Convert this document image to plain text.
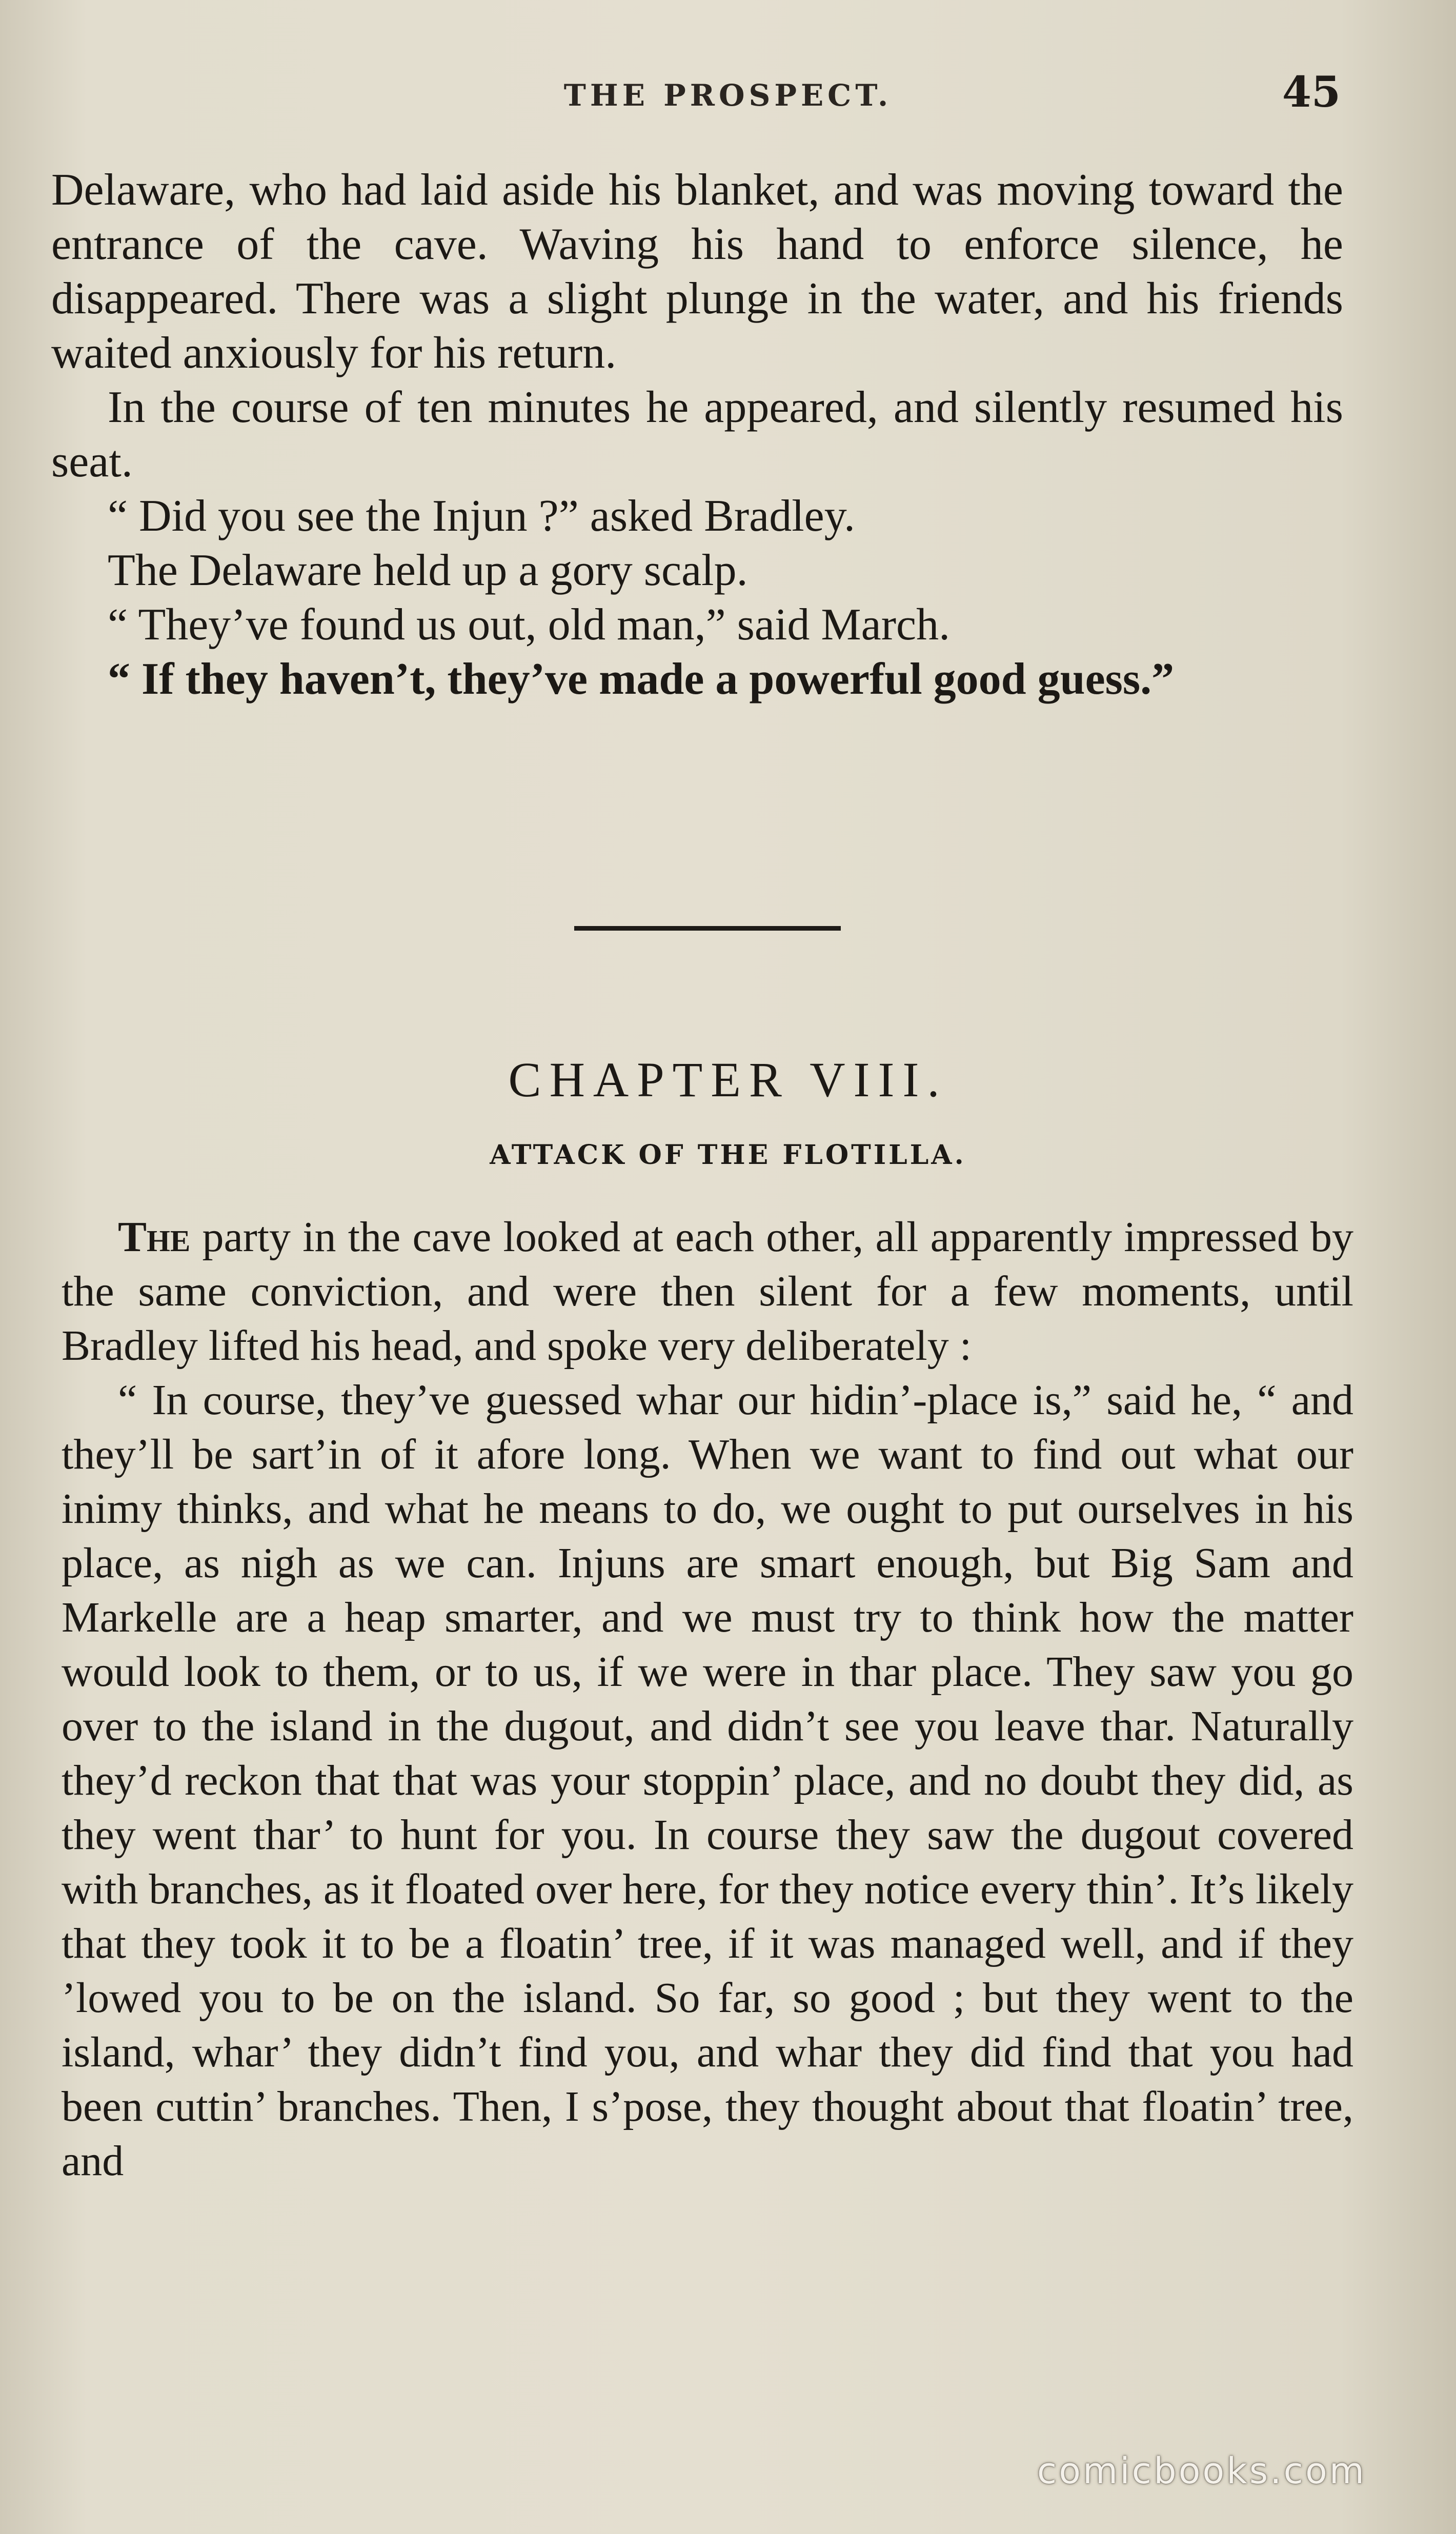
THE PROSPECT.	45

Delaware, who had laid aside his blanket, and was moving toward the entrance of the cave. Waving his hand to enforce silence, he disappeared. There was a slight plunge in the water, and his friends waited anxiously for his return.

In the course of ten minutes he appeared, and silently resumed his seat.

“ Did you see the Injun ?” asked Bradley.

The Delaware held up a gory scalp.

“ They’ve found us out, old man,” said March.

“ If they haven’t, they’ve made a powerful good guess.”

CHAPTER VIII.
ATTACK OF THE FLOTILLA.

The party in the cave looked at each other, all apparently impressed by the same conviction, and were then silent for a few moments, until Bradley lifted his head, and spoke very deliberately :

“ In course, they’ve guessed whar our hidin’-place is,” said he, “ and they’ll be sart’in of it afore long. When we want to find out what our inimy thinks, and what he means to do, we ought to put ourselves in his place, as nigh as we can. Injuns are smart enough, but Big Sam and Markelle are a heap smarter, and we must try to think how the matter would look to them, or to us, if we were in thar place. They saw you go over to the island in the dugout, and didn’t see you leave thar. Naturally they’d reckon that that was your stoppin’ place, and no doubt they did, as they went thar’ to hunt for you. In course they saw the dugout covered with branches, as it floated over here, for they notice every thin’. It’s likely that they took it to be a floatin’ tree, if it was managed well, and if they ’lowed you to be on the island. So far, so good ; but they went to the island, whar’ they didn’t find you, and whar they did find that you had been cuttin’ branches. Then, I s’pose, they thought about that floatin’ tree, and

comicbooks.com
